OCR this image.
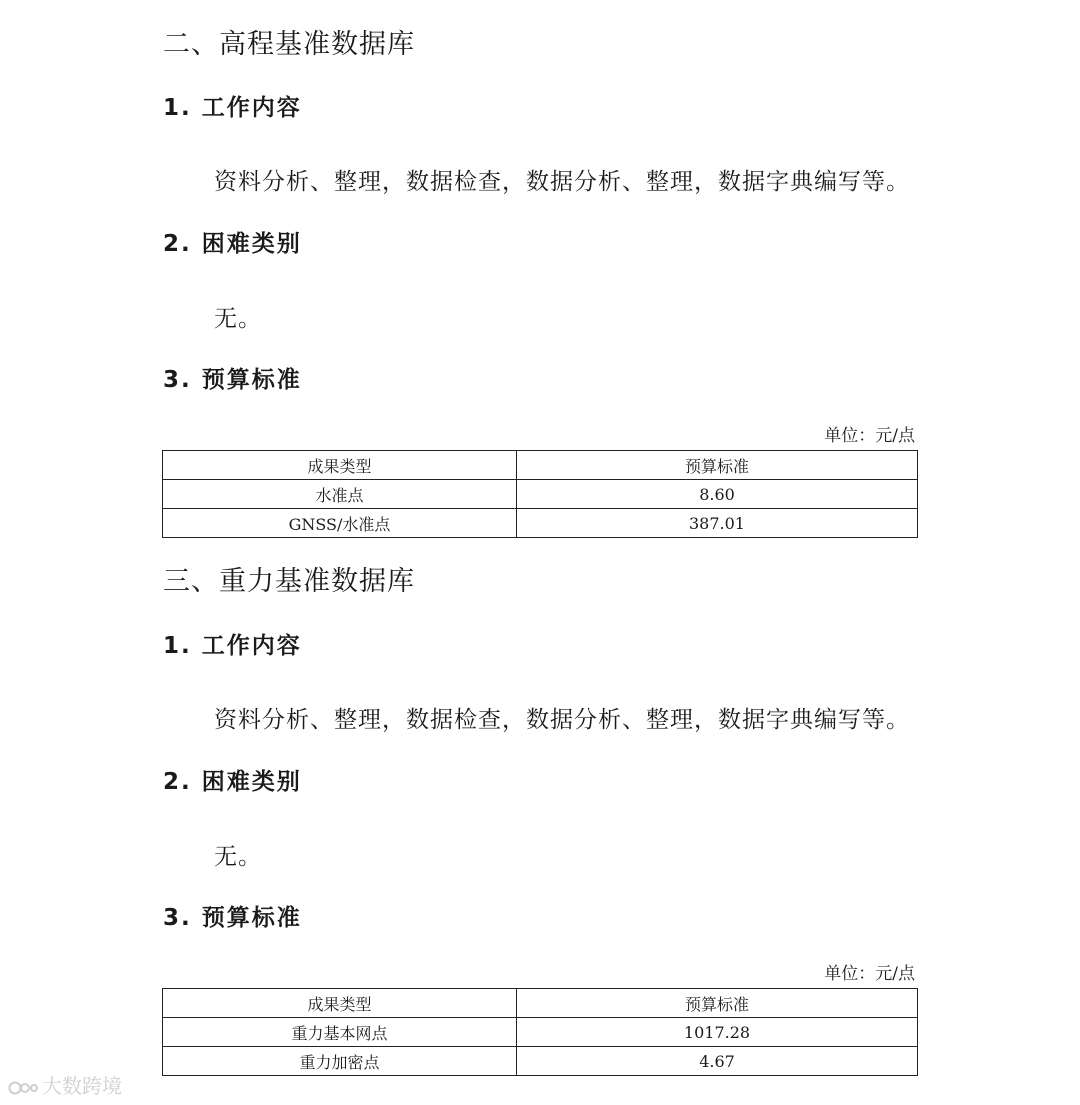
二、高程基准数据库
1. 工作内容

资料分析、整理，数据检查，数据分析、整理，数据字典编写等。

2. 困难类别

无。

3. 预算标准
单位：元/点
成果类型	预算标准
水准点	8.60
GNSS/水准点	387.01
三、重力基准数据库
1. 工作内容

资料分析、整理，数据检查，数据分析、整理，数据字典编写等。

2. 困难类别

无。

3. 预算标准
单位：元/点
成果类型	预算标准
重力基本网点	1017.28
重力加密点	4.67
大数跨境
